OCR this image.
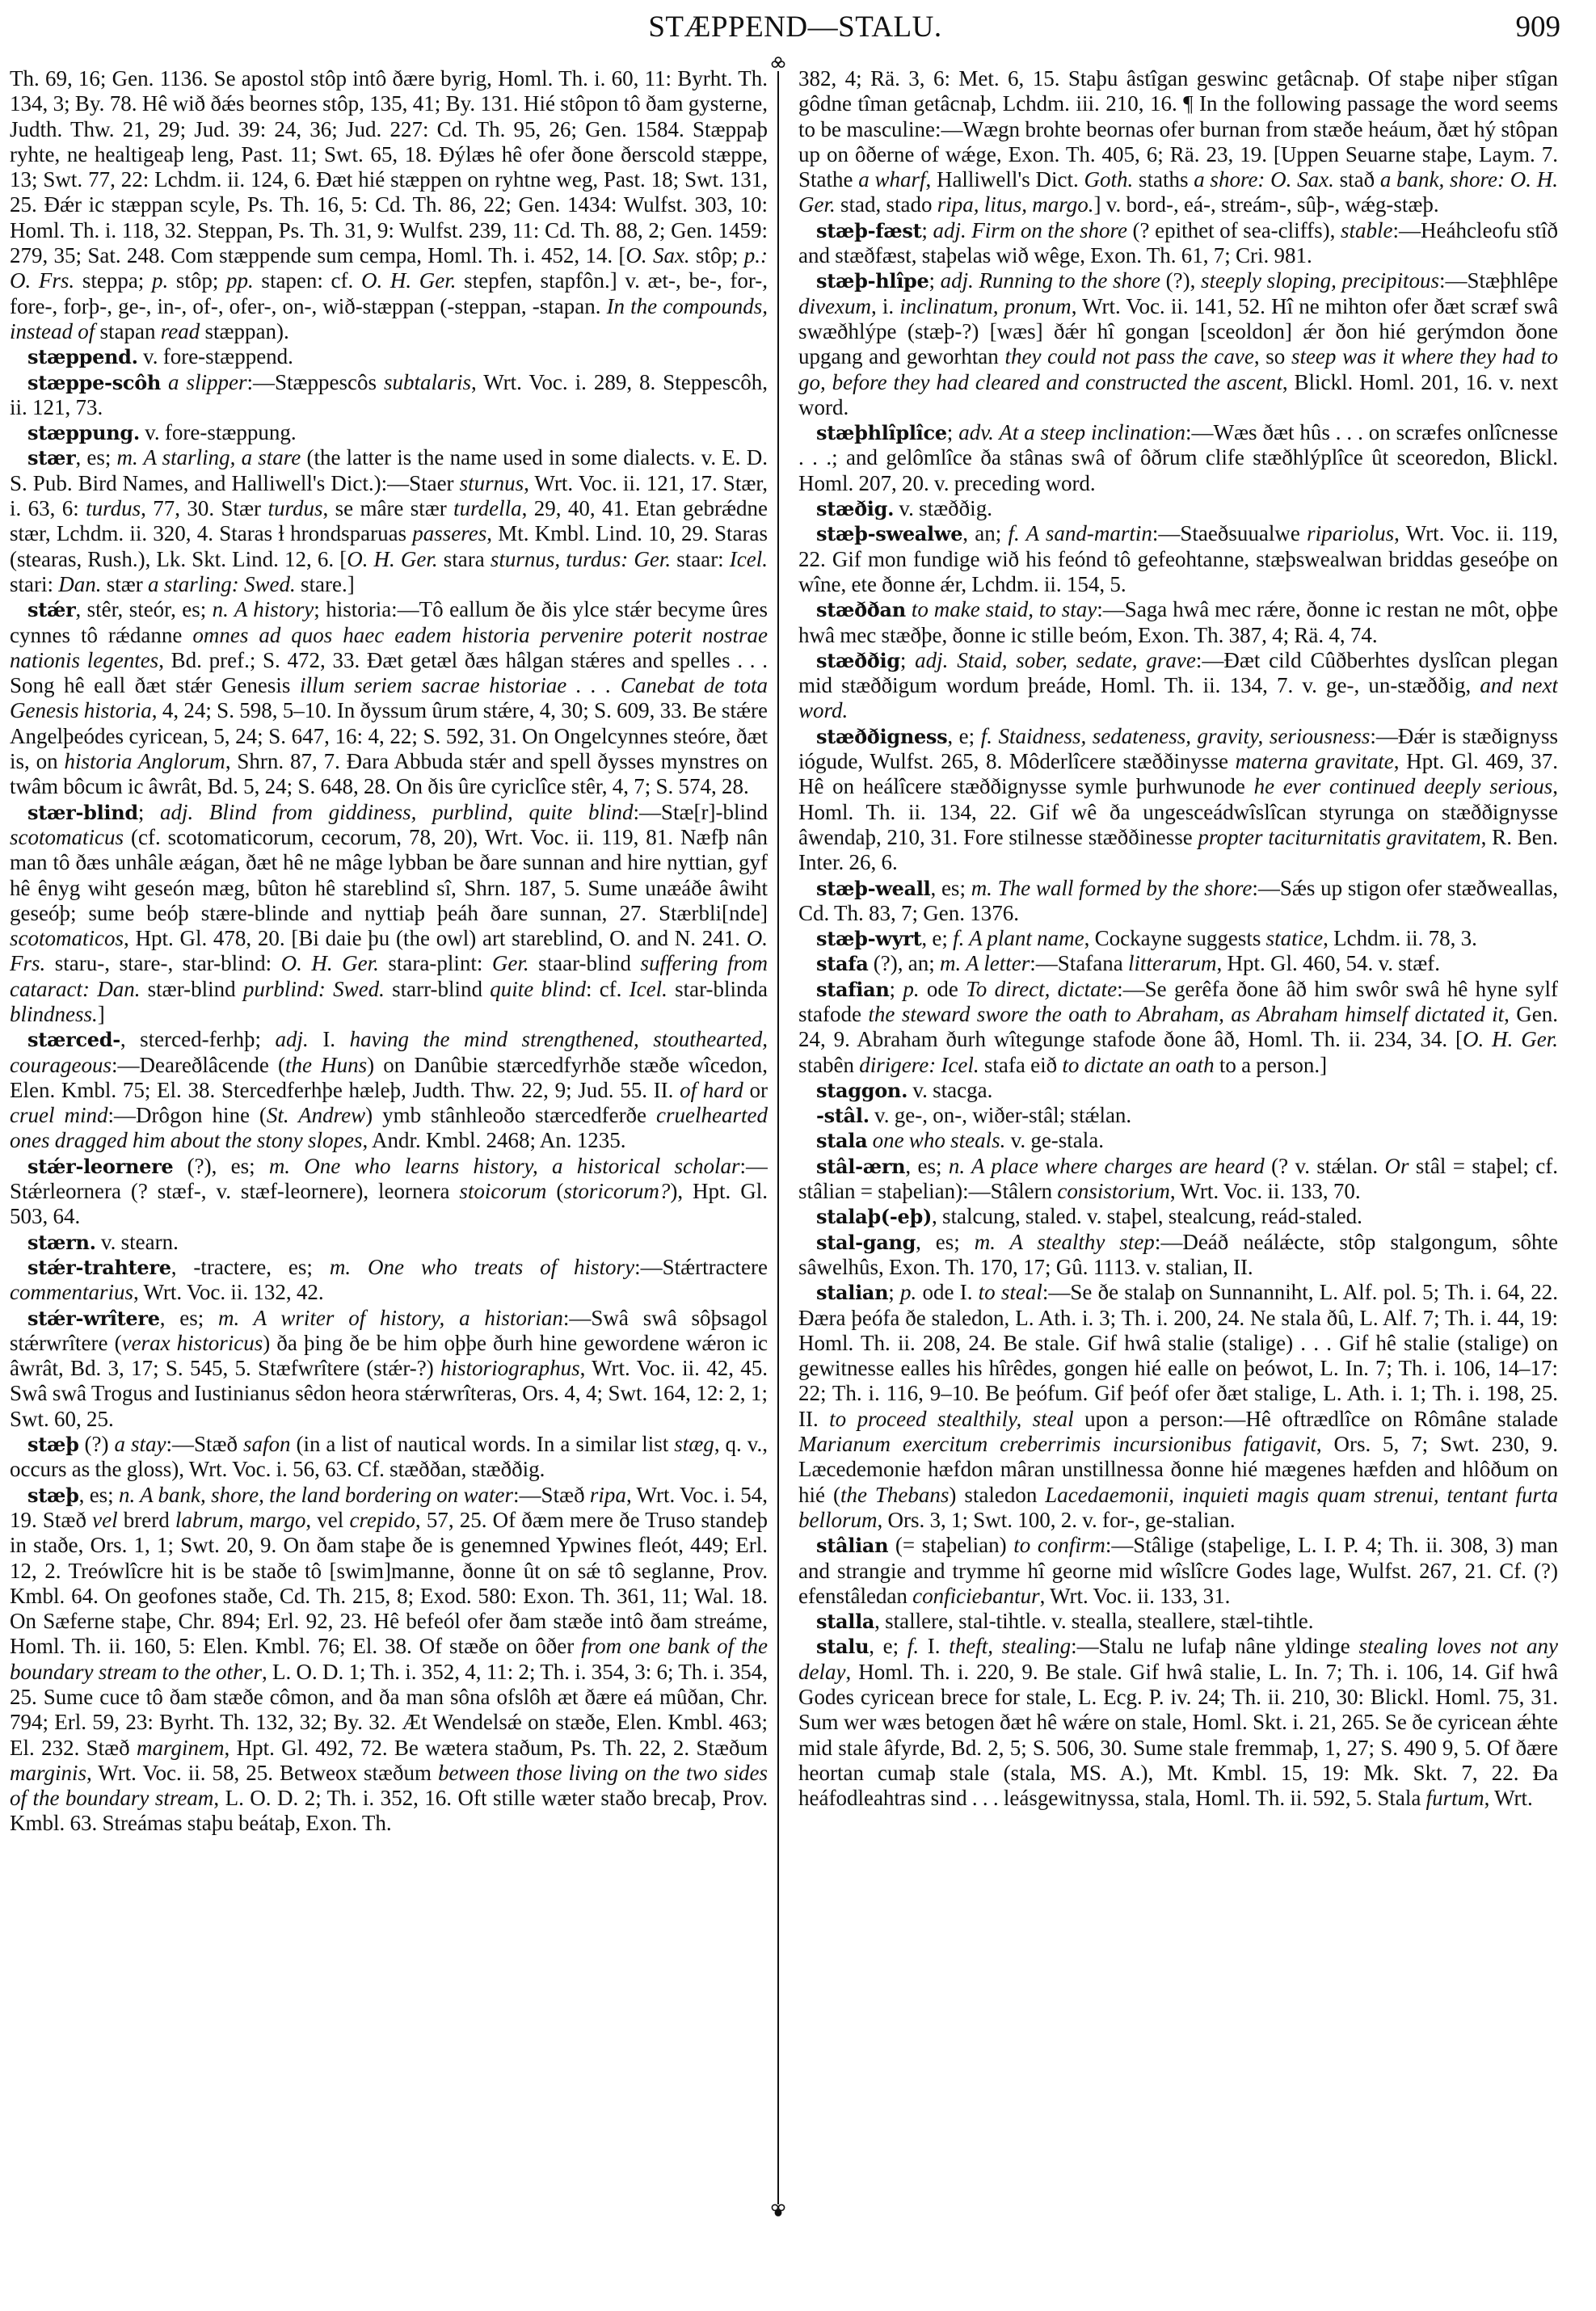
STÆPPEND—STALU.	909

Th. 69, 16; Gen. 1136. Se apostol stôp intô ðære byrig, Homl. Th. i. 60, 11: Byrht. Th. 134, 3; By. 78. Hê wið ðǽs beornes stôp, 135, 41; By. 131. Hié stôpon tô ðam gysterne, Judth. Thw. 21, 29; Jud. 39: 24, 36; Jud. 227: Cd. Th. 95, 26; Gen. 1584. Stæppaþ ryhte, ne healtigeaþ leng, Past. 11; Swt. 65, 18. Ðýlæs hê ofer ðone ðerscold stæppe, 13; Swt. 77, 22: Lchdm. ii. 124, 6. Ðæt hié stæppen on ryhtne weg, Past. 18; Swt. 131, 25. Ðǽr ic stæppan scyle, Ps. Th. 16, 5: Cd. Th. 86, 22; Gen. 1434: Wulfst. 303, 10: Homl. Th. i. 118, 32. Steppan, Ps. Th. 31, 9: Wulfst. 239, 11: Cd. Th. 88, 2; Gen. 1459: 279, 35; Sat. 248. Com stæppende sum cempa, Homl. Th. i. 452, 14. [O. Sax. stôp; p.: O. Frs. steppa; p. stôp; pp. stapen: cf. O. H. Ger. stepfen, stapfôn.] v. æt-, be-, for-, fore-, forþ-, ge-, in-, of-, ofer-, on-, wið-stæppan (-steppan, -stapan. In the compounds, instead of stapan read stæppan).

stæppend. v. fore-stæppend.

stæppe-scôh a slipper:—Stæppescôs subtalaris, Wrt. Voc. i. 289, 8. Steppescôh, ii. 121, 73.

stæppung. v. fore-stæppung.

stær, es; m. A starling, a stare (the latter is the name used in some dialects. v. E. D. S. Pub. Bird Names, and Halliwell's Dict.):—Staer sturnus, Wrt. Voc. ii. 121, 17. Stær, i. 63, 6: turdus, 77, 30. Stær turdus, se mâre stær turdella, 29, 40, 41. Etan gebrǽdne stær, Lchdm. ii. 320, 4. Staras ɫ hrondsparuas passeres, Mt. Kmbl. Lind. 10, 29. Staras (stearas, Rush.), Lk. Skt. Lind. 12, 6. [O. H. Ger. stara sturnus, turdus: Ger. staar: Icel. stari: Dan. stær a starling: Swed. stare.]

stǽr, stêr, steór, es; n. A history; historia:—Tô eallum ðe ðis ylce stǽr becyme ûres cynnes tô rǽdanne omnes ad quos haec eadem historia pervenire poterit nostrae nationis legentes, Bd. pref.; S. 472, 33. Ðæt getæl ðæs hâlgan stǽres and spelles . . . Song hê eall ðæt stǽr Genesis illum seriem sacrae historiae . . . Canebat de tota Genesis historia, 4, 24; S. 598, 5–10. In ðyssum ûrum stǽre, 4, 30; S. 609, 33. Be stǽre Angelþeódes cyricean, 5, 24; S. 647, 16: 4, 22; S. 592, 31. On Ongelcynnes steóre, ðæt is, on historia Anglorum, Shrn. 87, 7. Ðara Abbuda stǽr and spell ðysses mynstres on twâm bôcum ic âwrât, Bd. 5, 24; S. 648, 28. On ðis ûre cyriclîce stêr, 4, 7; S. 574, 28.

stær-blind; adj. Blind from giddiness, purblind, quite blind:—Stæ[r]-blind scotomaticus (cf. scotomaticorum, cecorum, 78, 20), Wrt. Voc. ii. 119, 81. Næfþ nân man tô ðæs unhâle æágan, ðæt hê ne mâge lybban be ðare sunnan and hire nyttian, gyf hê ênyg wiht geseón mæg, bûton hê stareblind sî, Shrn. 187, 5. Sume unæáðe âwiht geseóþ; sume beóþ stære-blinde and nyttiaþ þeáh ðare sunnan, 27. Stærbli[nde] scotomaticos, Hpt. Gl. 478, 20. [Bi daie þu (the owl) art stareblind, O. and N. 241. O. Frs. staru-, stare-, star-blind: O. H. Ger. stara-plint: Ger. staar-blind suffering from cataract: Dan. stær-blind purblind: Swed. starr-blind quite blind: cf. Icel. star-blinda blindness.]

stærced-, sterced-ferhþ; adj. I. having the mind strengthened, stouthearted, courageous:—Deareðlâcende (the Huns) on Danûbie stærcedfyrhðe stæðe wîcedon, Elen. Kmbl. 75; El. 38. Stercedferhþe hæleþ, Judth. Thw. 22, 9; Jud. 55. II. of hard or cruel mind:—Drôgon hine (St. Andrew) ymb stânhleoðo stærcedferðe cruelhearted ones dragged him about the stony slopes, Andr. Kmbl. 2468; An. 1235.

stǽr-leornere (?), es; m. One who learns history, a historical scholar:—Stǽrleornera (? stæf-, v. stæf-leornere), leornera stoicorum (storicorum?), Hpt. Gl. 503, 64.

stærn. v. stearn.

stǽr-trahtere, -tractere, es; m. One who treats of history:—Stǽrtractere commentarius, Wrt. Voc. ii. 132, 42.

stǽr-wrîtere, es; m. A writer of history, a historian:—Swâ swâ sôþsagol stǽrwrîtere (verax historicus) ða þing ðe be him oþþe ðurh hine gewordene wǽron ic âwrât, Bd. 3, 17; S. 545, 5. Stæfwrîtere (stǽr-?) historiographus, Wrt. Voc. ii. 42, 45. Swâ swâ Trogus and Iustinianus sêdon heora stǽrwrîteras, Ors. 4, 4; Swt. 164, 12: 2, 1; Swt. 60, 25.

stæþ (?) a stay:—Stæð safon (in a list of nautical words. In a similar list stæg, q. v., occurs as the gloss), Wrt. Voc. i. 56, 63. Cf. stæððan, stæððig.

stæþ, es; n. A bank, shore, the land bordering on water:—Stæð ripa, Wrt. Voc. i. 54, 19. Stæð vel brerd labrum, margo, vel crepido, 57, 25. Of ðæm mere ðe Truso standeþ in staðe, Ors. 1, 1; Swt. 20, 9. On ðam staþe ðe is genemned Ypwines fleót, 449; Erl. 12, 2. Treówlîcre hit is be staðe tô [swim]manne, ðonne ût on sǽ tô seglanne, Prov. Kmbl. 64. On geofones staðe, Cd. Th. 215, 8; Exod. 580: Exon. Th. 361, 11; Wal. 18. On Sæferne staþe, Chr. 894; Erl. 92, 23. Hê befeól ofer ðam stæðe intô ðam streáme, Homl. Th. ii. 160, 5: Elen. Kmbl. 76; El. 38. Of stæðe on ôðer from one bank of the boundary stream to the other, L. O. D. 1; Th. i. 352, 4, 11: 2; Th. i. 354, 3: 6; Th. i. 354, 25. Sume cuce tô ðam stæðe cômon, and ða man sôna ofslôh æt ðære eá mûðan, Chr. 794; Erl. 59, 23: Byrht. Th. 132, 32; By. 32. Æt Wendelsǽ on stæðe, Elen. Kmbl. 463; El. 232. Stæð marginem, Hpt. Gl. 492, 72. Be wætera staðum, Ps. Th. 22, 2. Stæðum marginis, Wrt. Voc. ii. 58, 25. Betweox stæðum between those living on the two sides of the boundary stream, L. O. D. 2; Th. i. 352, 16. Oft stille wæter staðo brecaþ, Prov. Kmbl. 63. Streámas staþu beátaþ, Exon. Th.

382, 4; Rä. 3, 6: Met. 6, 15. Staþu âstîgan geswinc getâcnaþ. Of staþe niþer stîgan gôdne tîman getâcnaþ, Lchdm. iii. 210, 16. ¶ In the following passage the word seems to be masculine:—Wægn brohte beornas ofer burnan from stæðe heáum, ðæt hý stôpan up on ôðerne of wǽge, Exon. Th. 405, 6; Rä. 23, 19. [Uppen Seuarne staþe, Laym. 7. Stathe a wharf, Halliwell's Dict. Goth. staths a shore: O. Sax. stað a bank, shore: O. H. Ger. stad, stado ripa, litus, margo.] v. bord-, eá-, streám-, sûþ-, wǽg-stæþ.

stæþ-fæst; adj. Firm on the shore (? epithet of sea-cliffs), stable:—Heáhcleofu stîð and stæðfæst, staþelas wið wêge, Exon. Th. 61, 7; Cri. 981.

stæþ-hlîpe; adj. Running to the shore (?), steeply sloping, precipitous:—Stæþhlêpe divexum, i. inclinatum, pronum, Wrt. Voc. ii. 141, 52. Hî ne mihton ofer ðæt scræf swâ swæðhlýpe (stæþ-?) [wæs] ðǽr hî gongan [sceoldon] ǽr ðon hié gerýmdon ðone upgang and geworhtan they could not pass the cave, so steep was it where they had to go, before they had cleared and constructed the ascent, Blickl. Homl. 201, 16. v. next word.

stæþhlîplîce; adv. At a steep inclination:—Wæs ðæt hûs . . . on scræfes onlîcnesse . . .; and gelômlîce ða stânas swâ of ôðrum clife stæðhlýplîce ût sceoredon, Blickl. Homl. 207, 20. v. preceding word.

stæðig. v. stæððig.

stæþ-swealwe, an; f. A sand-martin:—Staeðsuualwe ripariolus, Wrt. Voc. ii. 119, 22. Gif mon fundige wið his feónd tô gefeohtanne, stæþswealwan briddas geseóþe on wîne, ete ðonne ǽr, Lchdm. ii. 154, 5.

stæððan to make staid, to stay:—Saga hwâ mec rǽre, ðonne ic restan ne môt, oþþe hwâ mec stæðþe, ðonne ic stille beóm, Exon. Th. 387, 4; Rä. 4, 74.

stæððig; adj. Staid, sober, sedate, grave:—Ðæt cild Cûðberhtes dyslîcan plegan mid stæððigum wordum þreáde, Homl. Th. ii. 134, 7. v. ge-, un-stæððig, and next word.

stæððigness, e; f. Staidness, sedateness, gravity, seriousness:—Ðǽr is stæðignyss iógude, Wulfst. 265, 8. Môderlîcere stæððinysse materna gravitate, Hpt. Gl. 469, 37. Hê on heálîcere stæððignysse symle þurhwunode he ever continued deeply serious, Homl. Th. ii. 134, 22. Gif wê ða ungesceádwîslîcan styrunga on stæððignysse âwendaþ, 210, 31. Fore stilnesse stæððinesse propter taciturnitatis gravitatem, R. Ben. Inter. 26, 6.

stæþ-weall, es; m. The wall formed by the shore:—Sǽs up stigon ofer stæðweallas, Cd. Th. 83, 7; Gen. 1376.

stæþ-wyrt, e; f. A plant name, Cockayne suggests statice, Lchdm. ii. 78, 3.

stafa (?), an; m. A letter:—Stafana litterarum, Hpt. Gl. 460, 54. v. stæf.

stafian; p. ode To direct, dictate:—Se gerêfa ðone âð him swôr swâ hê hyne sylf stafode the steward swore the oath to Abraham, as Abraham himself dictated it, Gen. 24, 9. Abraham ðurh wîtegunge stafode ðone âð, Homl. Th. ii. 234, 34. [O. H. Ger. stabên dirigere: Icel. stafa eið to dictate an oath to a person.]

staggon. v. stacga.

-stâl. v. ge-, on-, wiðer-stâl; stǽlan.

stala one who steals. v. ge-stala.

stâl-ærn, es; n. A place where charges are heard (? v. stǽlan. Or stâl = staþel; cf. stâlian = staþelian):—Stâlern consistorium, Wrt. Voc. ii. 133, 70.

stalaþ(-eþ), stalcung, staled. v. staþel, stealcung, reád-staled.

stal-gang, es; m. A stealthy step:—Deáð neálǽcte, stôp stalgongum, sôhte sâwelhûs, Exon. Th. 170, 17; Gû. 1113. v. stalian, II.

stalian; p. ode I. to steal:—Se ðe stalaþ on Sunnanniht, L. Alf. pol. 5; Th. i. 64, 22. Ðæra þeófa ðe staledon, L. Ath. i. 3; Th. i. 200, 24. Ne stala ðû, L. Alf. 7; Th. i. 44, 19: Homl. Th. ii. 208, 24. Be stale. Gif hwâ stalie (stalige) . . . Gif hê stalie (stalige) on gewitnesse ealles his hîrêdes, gongen hié ealle on þeówot, L. In. 7; Th. i. 106, 14–17: 22; Th. i. 116, 9–10. Be þeófum. Gif þeóf ofer ðæt stalige, L. Ath. i. 1; Th. i. 198, 25. II. to proceed stealthily, steal upon a person:—Hê oftrædlîce on Rômâne stalade Marianum exercitum creberrimis incursionibus fatigavit, Ors. 5, 7; Swt. 230, 9. Læcedemonie hæfdon mâran unstillnessa ðonne hié mægenes hæfden and hlôðum on hié (the Thebans) staledon Lacedaemonii, inquieti magis quam strenui, tentant furta bellorum, Ors. 3, 1; Swt. 100, 2. v. for-, ge-stalian.

stâlian (= staþelian) to confirm:—Stâlige (staþelige, L. I. P. 4; Th. ii. 308, 3) man and strangie and trymme hî georne mid wîslîcre Godes lage, Wulfst. 267, 21. Cf. (?) efenstâledan conficiebantur, Wrt. Voc. ii. 133, 31.

stalla, stallere, stal-tihtle. v. stealla, steallere, stæl-tihtle.

stalu, e; f. I. theft, stealing:—Stalu ne lufaþ nâne yldinge stealing loves not any delay, Homl. Th. i. 220, 9. Be stale. Gif hwâ stalie, L. In. 7; Th. i. 106, 14. Gif hwâ Godes cyricean brece for stale, L. Ecg. P. iv. 24; Th. ii. 210, 30: Blickl. Homl. 75, 31. Sum wer wæs betogen ðæt hê wǽre on stale, Homl. Skt. i. 21, 265. Se ðe cyricean ǽhte mid stale âfyrde, Bd. 2, 5; S. 506, 30. Sume stale fremmaþ, 1, 27; S. 490 9, 5. Of ðære heortan cumaþ stale (stala, MS. A.), Mt. Kmbl. 15, 19: Mk. Skt. 7, 22. Ða heáfodleahtras sind . . . leásgewitnyssa, stala, Homl. Th. ii. 592, 5. Stala furtum, Wrt.
